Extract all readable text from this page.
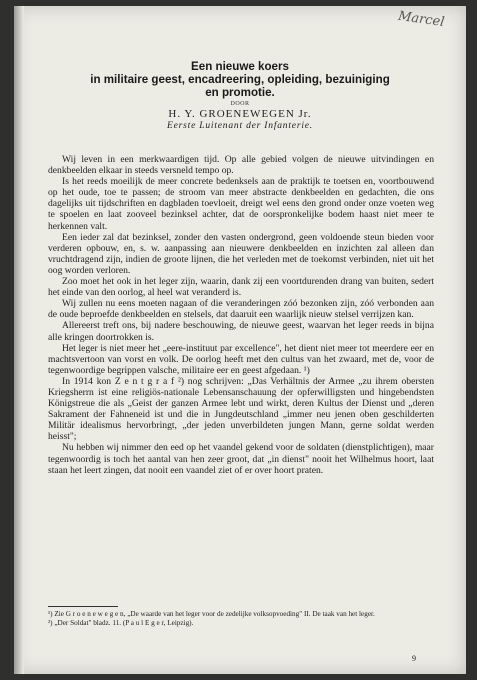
Marcel
Een nieuwe koers
in militaire geest, encadreering, opleiding, bezuiniging
en promotie.
DOOR
H. Y. GROENEWEGEN Jr.
Eerste Luitenant der Infanterie.

Wij leven in een merkwaardigen tijd. Op alle gebied volgen de nieuwe uitvindingen en denkbeelden elkaar in steeds versneld tempo op.

Is het reeds moeilijk de meer concrete bedenksels aan de praktijk te toetsen en, voortbouwend op het oude, toe te passen; de stroom van meer abstracte denkbeelden en gedachten, die ons dagelijks uit tijdschriften en dagbladen toevloeit, dreigt wel eens den grond onder onze voeten weg te spoelen en laat zooveel bezinksel achter, dat de oorspronkelijke bodem haast niet meer te herkennen valt.

Een ieder zal dat bezinksel, zonder den vasten ondergrond, geen voldoende steun bieden voor verderen opbouw, en, s. w. aanpassing aan nieuwere denkbeelden en inzichten zal alleen dan vruchtdragend zijn, indien de groote lijnen, die het verleden met de toekomst verbinden, niet uit het oog worden verloren.

Zoo moet het ook in het leger zijn, waarin, dank zij een voortdurenden drang van buiten, sedert het einde van den oorlog, al heel wat veranderd is.

Wij zullen nu eens moeten nagaan of die veranderingen zóó bezonken zijn, zóó verbonden aan de oude beproefde denkbeelden en stelsels, dat daaruit een waarlijk nieuw stelsel verrijzen kan.

Allereerst treft ons, bij nadere beschouwing, de nieuwe geest, waarvan het leger reeds in bijna alle kringen doortrokken is.

Het leger is niet meer het „eere-instituut par excellence", het dient niet meer tot meerdere eer en machtsvertoon van vorst en volk. De oorlog heeft met den cultus van het zwaard, met de, voor de tegenwoordige begrippen valsche, militaire eer en geest afgedaan. ¹)

In 1914 kon Z e n t g r a f ²) nog schrijven: „Das Verhältnis der Armee „zu ihrem obersten Kriegsherrn ist eine religiös-nationale Lebensanschauung der opferwilligsten und hingebendsten Königstreue die als „Geist der ganzen Armee lebt und wirkt, deren Kultus der Dienst und „deren Sakrament der Fahneneid ist und die in Jungdeutschland „immer neu jenen oben geschilderten Militär idealismus hervorbringt, „der jeden unverbildeten jungen Mann, gerne soldat werden heisst";

Nu hebben wij nimmer den eed op het vaandel gekend voor de soldaten (dienstplichtigen), maar tegenwoordig is toch het aantal van hen zeer groot, dat „in dienst" nooit het Wilhelmus hoort, laat staan het leert zingen, dat nooit een vaandel ziet of er over hoort praten.

¹) Zie G r o e n e w e g e n, „De waarde van het leger voor de zedelijke volksopvoeding" II. De taak van het leger.

²) „Der Soldat" bladz. 11. (P a u l E g e r, Leipzig).

9
